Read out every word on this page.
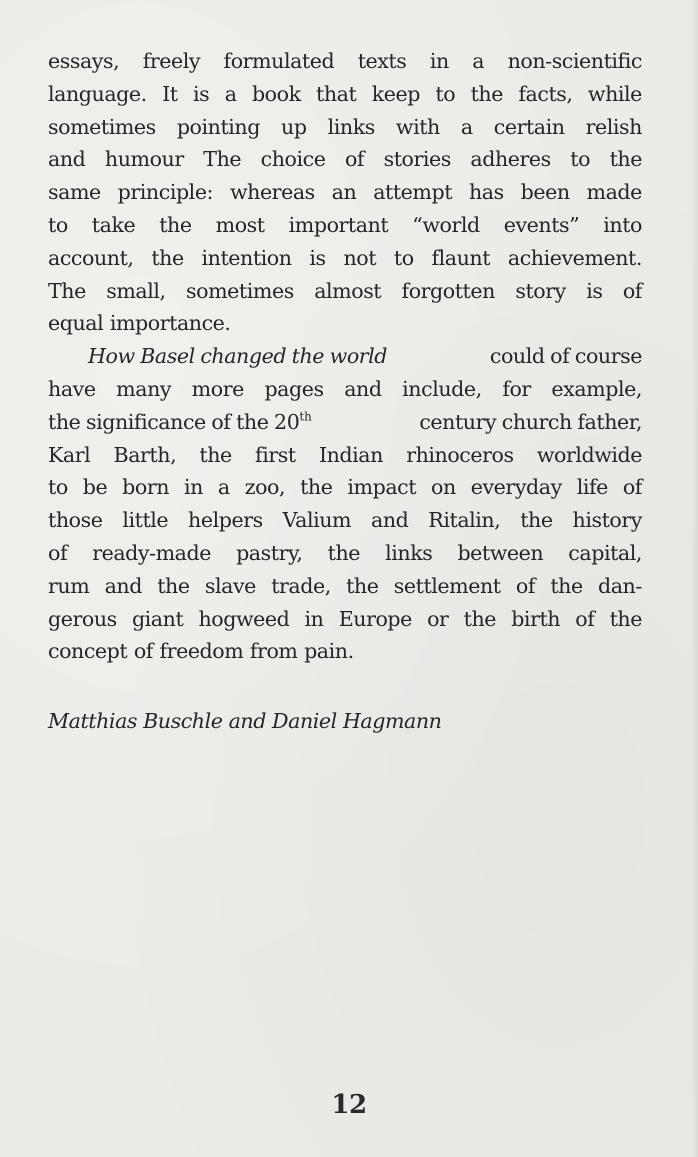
essays, freely formulated texts in a non-scientific
language. It is a book that keep to the facts, while
sometimes pointing up links with a certain relish
and humour The choice of stories adheres to the
same principle: whereas an attempt has been made
to take the most important “world events” into
account, the intention is not to flaunt achievement.
The small, sometimes almost forgotten story is of
equal importance.
How Basel changed the world	could of course
have many more pages and include, for example,
the significance of the 20th	century church father,
Karl Barth, the first Indian rhinoceros worldwide
to be born in a zoo, the impact on everyday life of
those little helpers Valium and Ritalin, the history
of ready-made pastry, the links between capital,
rum and the slave trade, the settlement of the dan-
gerous giant hogweed in Europe or the birth of the
concept of freedom from pain.
Matthias Buschle and Daniel Hagmann
12
